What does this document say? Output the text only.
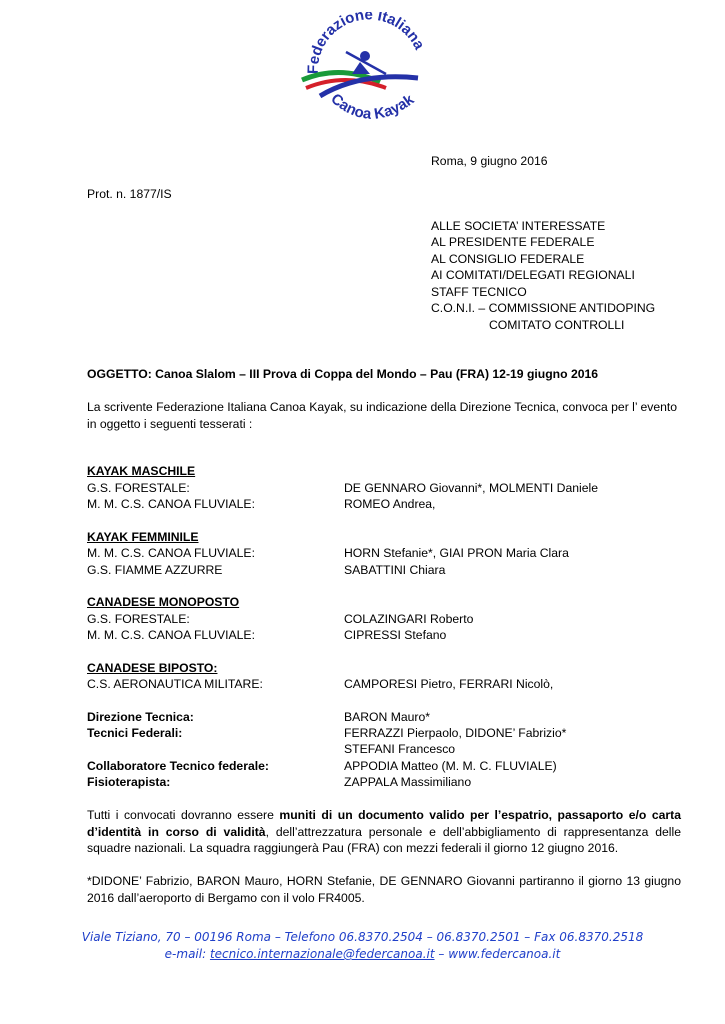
Federazione Italiana
Canoa Kayak
Roma, 9 giugno 2016
Prot. n. 1877/IS
ALLE SOCIETA’ INTERESSATE
AL PRESIDENTE FEDERALE
AL CONSIGLIO FEDERALE
AI COMITATI/DELEGATI REGIONALI
STAFF TECNICO
C.O.N.I. – COMMISSIONE ANTIDOPING
COMITATO CONTROLLI
OGGETTO: Canoa Slalom – III Prova di Coppa del Mondo – Pau (FRA) 12-19 giugno 2016
La scrivente Federazione Italiana Canoa Kayak, su indicazione della Direzione Tecnica, convoca per l’ evento in oggetto i seguenti tesserati :
KAYAK MASCHILE
G.S. FORESTALE:	DE GENNARO Giovanni*, MOLMENTI Daniele
M. M. C.S. CANOA FLUVIALE:	ROMEO Andrea,
KAYAK FEMMINILE
M. M. C.S. CANOA FLUVIALE:	HORN Stefanie*, GIAI PRON Maria Clara
G.S. FIAMME AZZURRE	SABATTINI Chiara
CANADESE MONOPOSTO
G.S. FORESTALE:	COLAZINGARI Roberto
M. M. C.S. CANOA FLUVIALE:	CIPRESSI Stefano
CANADESE BIPOSTO:
C.S. AERONAUTICA MILITARE:	CAMPORESI Pietro, FERRARI Nicolò,
Direzione Tecnica:	BARON Mauro*
Tecnici Federali:	FERRAZZI Pierpaolo, DIDONE’ Fabrizio*
STEFANI Francesco
Collaboratore Tecnico federale:	APPODIA Matteo (M. M. C. FLUVIALE)
Fisioterapista:	ZAPPALA Massimiliano
Tutti i convocati dovranno essere muniti di un documento valido per l’espatrio, passaporto e/o carta d’identità in corso di validità, dell’attrezzatura personale e dell’abbigliamento di rappresentanza delle squadre nazionali. La squadra raggiungerà Pau (FRA) con mezzi federali il giorno 12 giugno 2016.
*DIDONE’ Fabrizio, BARON Mauro, HORN Stefanie, DE GENNARO Giovanni partiranno il giorno 13 giugno 2016 dall’aeroporto di Bergamo con il volo FR4005.
Viale Tiziano, 70 – 00196 Roma – Telefono 06.8370.2504 – 06.8370.2501 – Fax 06.8370.2518
e-mail: tecnico.internazionale@federcanoa.it – www.federcanoa.it
